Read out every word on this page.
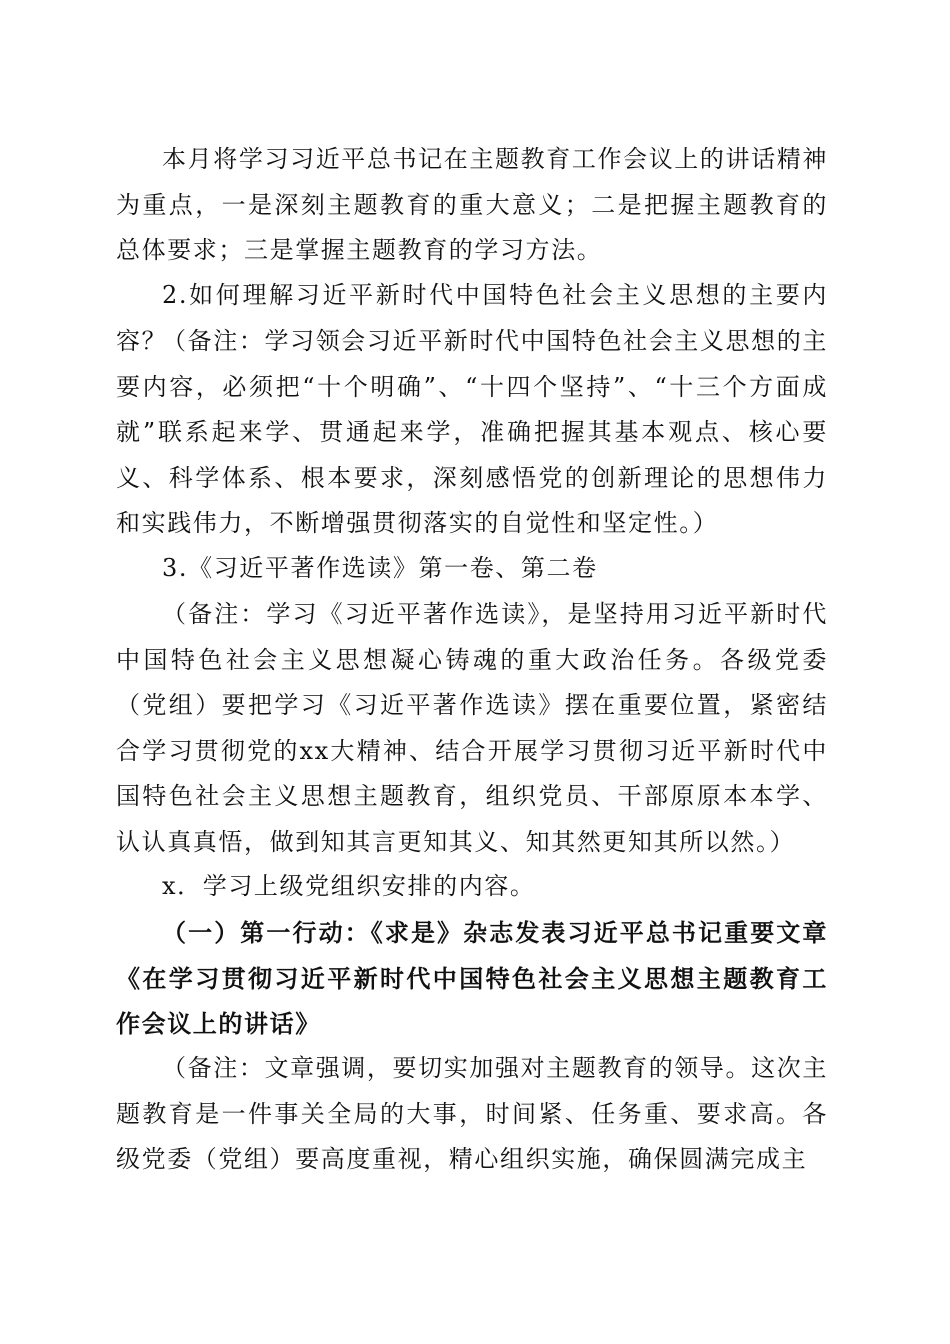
本月将学习习近平总书记在主题教育工作会议上的讲话精神为重点，一是深刻主题教育的重大意义；二是把握主题教育的总体要求；三是掌握主题教育的学习方法。

2.如何理解习近平新时代中国特色社会主义思想的主要内容？

（备注：学习领会习近平新时代中国特色社会主义思想的主要内容，必须把“十个明确”、“十四个坚持”、“十三个方面成就”联系起来学、贯通起来学，准确把握其基本观点、核心要义、科学体系、根本要求，深刻感悟党的创新理论的思想伟力和实践伟力，不断增强贯彻落实的自觉性和坚定性。）

3.《习近平著作选读》第一卷、第二卷

（备注：学习《习近平著作选读》，是坚持用习近平新时代中国特色社会主义思想凝心铸魂的重大政治任务。各级党委（党组）要把学习《习近平著作选读》摆在重要位置，紧密结合学习贯彻党的xx大精神、结合开展学习贯彻习近平新时代中国特色社会主义思想主题教育，组织党员、干部原原本本学、认认真真悟，做到知其言更知其义、知其然更知其所以然。）

x．学习上级党组织安排的内容。

（一）第一行动：《求是》杂志发表习近平总书记重要文章《在学习贯彻习近平新时代中国特色社会主义思想主题教育工作会议上的讲话》

（备注：文章强调，要切实加强对主题教育的领导。这次主题教育是一件事关全局的大事，时间紧、任务重、要求高。各级党委（党组）要高度重视，精心组织实施，确保圆满完成主
